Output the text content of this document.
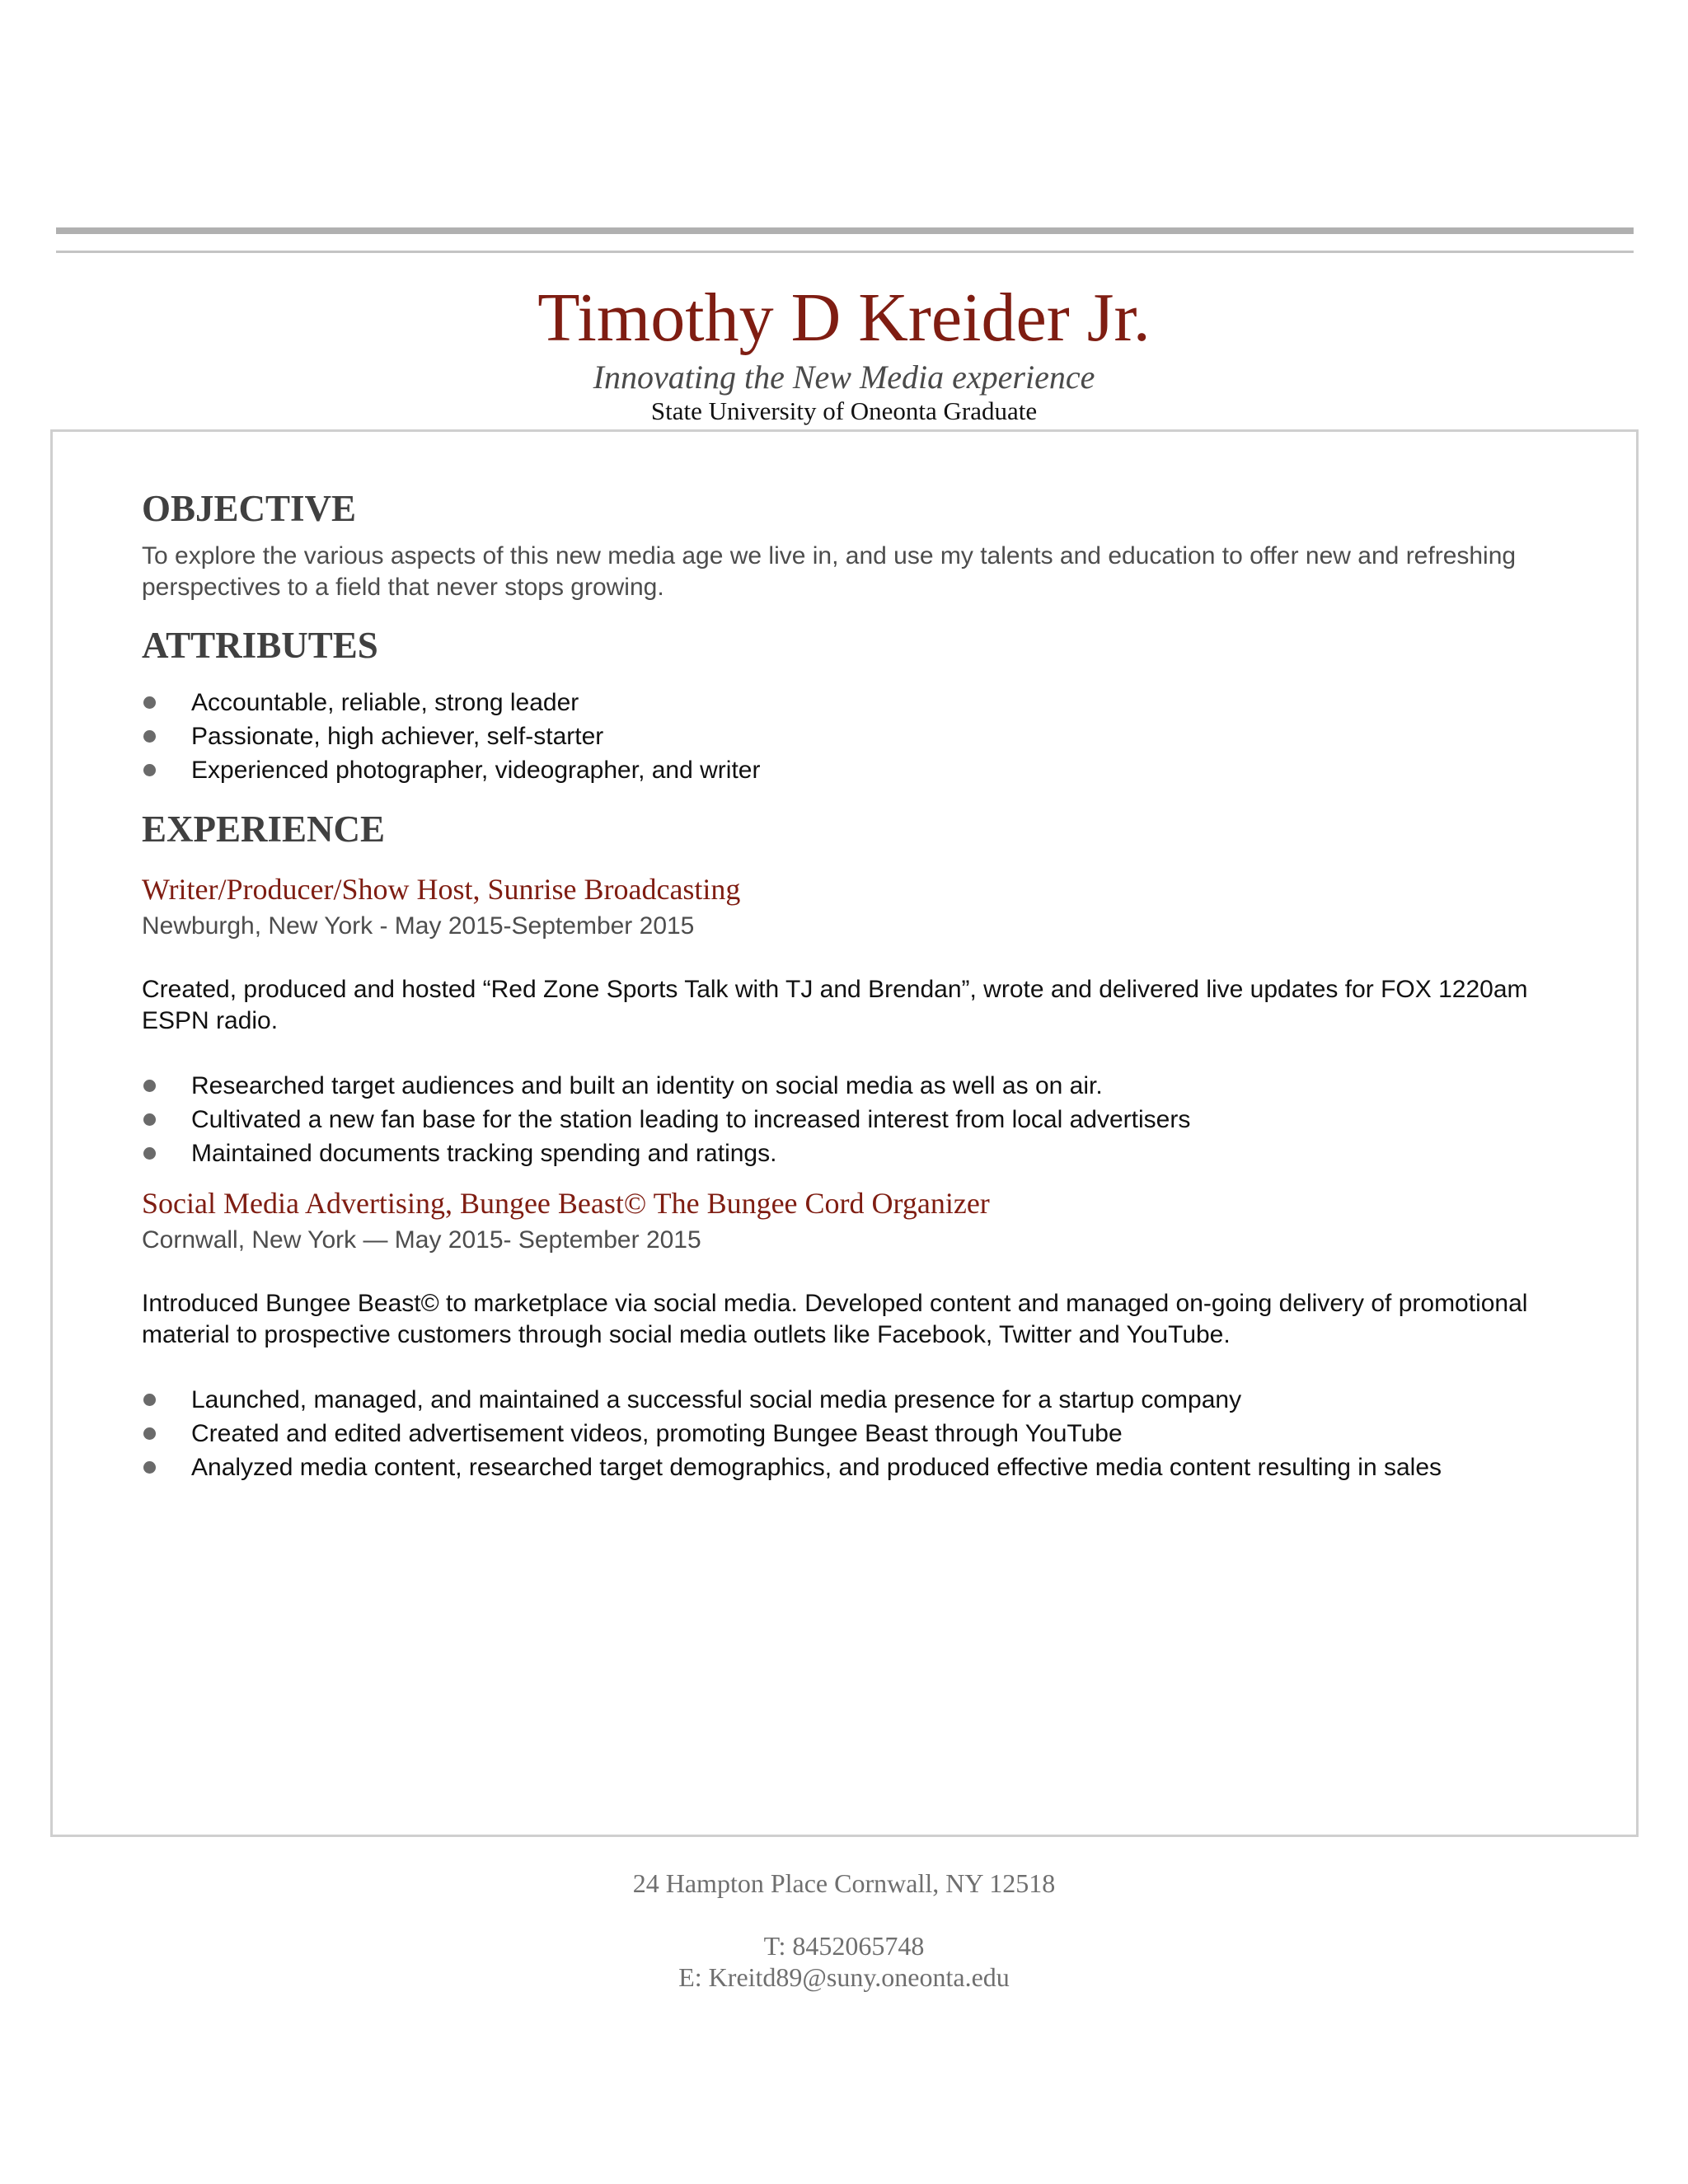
Timothy D Kreider Jr.
Innovating the New Media experience
State University of Oneonta Graduate
OBJECTIVE
To explore the various aspects of this new media age we live in, and use my talents and education to offer new and refreshing perspectives to a field that never stops growing.
ATTRIBUTES
Accountable, reliable, strong leader
Passionate, high achiever, self-starter
Experienced photographer, videographer, and writer
EXPERIENCE
Writer/Producer/Show Host, Sunrise Broadcasting
Newburgh, New York - May 2015-September 2015
Created, produced and hosted “Red Zone Sports Talk with TJ and Brendan”, wrote and delivered live updates for FOX 1220am ESPN radio.
Researched target audiences and built an identity on social media as well as on air.
Cultivated a new fan base for the station leading to increased interest from local advertisers
Maintained documents tracking spending and ratings.
Social Media Advertising, Bungee Beast© The Bungee Cord Organizer
Cornwall, New York — May 2015- September 2015
Introduced Bungee Beast© to marketplace via social media. Developed content and managed on-going delivery of promotional material to prospective customers through social media outlets like Facebook, Twitter and YouTube.
Launched, managed, and maintained a successful social media presence for a startup company
Created and edited advertisement videos, promoting Bungee Beast through YouTube
Analyzed media content, researched target demographics, and produced effective media content resulting in sales
24 Hampton Place Cornwall, NY 12518
T: 8452065748
E: Kreitd89@suny.oneonta.edu
